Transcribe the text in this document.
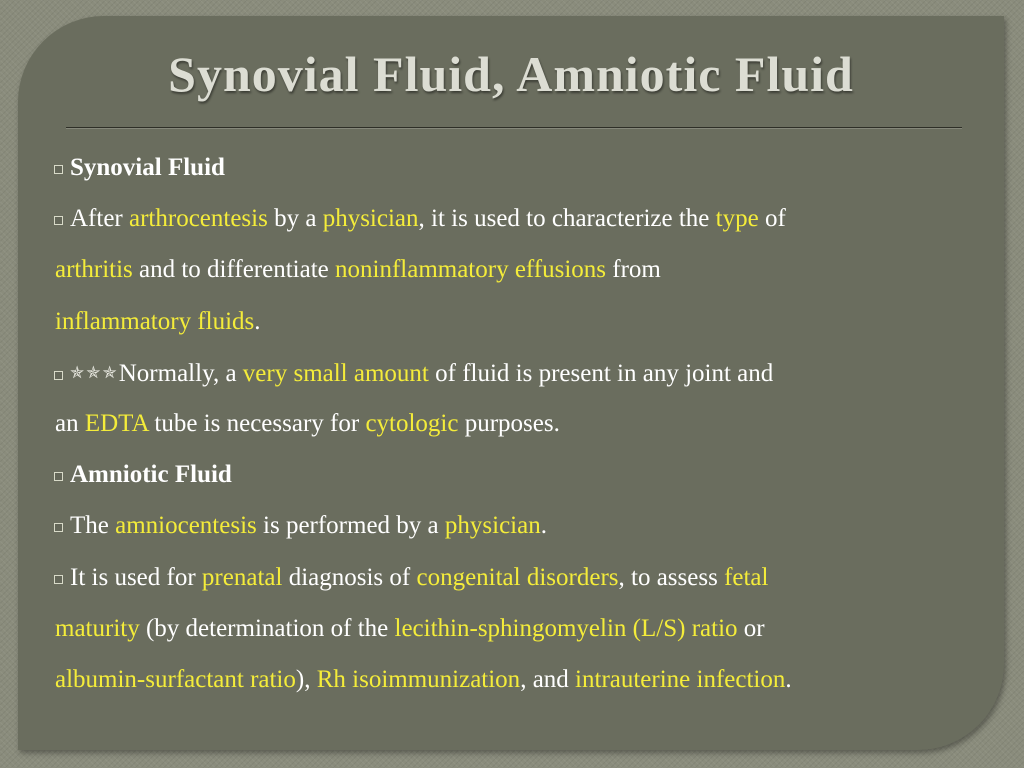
Synovial Fluid, Amniotic Fluid

Synovial Fluid

After arthrocentesis by a physician, it is used to characterize the type of

arthritis and to differentiate noninflammatory effusions from

inflammatory fluids.

✯ ✯ ✯Normally, a very small amount of fluid is present in any joint and

an EDTA tube is necessary for cytologic purposes.

Amniotic Fluid

The amniocentesis is performed by a physician.

It is used for prenatal diagnosis of congenital disorders, to assess fetal

maturity (by determination of the lecithin-sphingomyelin (L/S) ratio or

albumin-surfactant ratio), Rh isoimmunization, and intrauterine infection.
